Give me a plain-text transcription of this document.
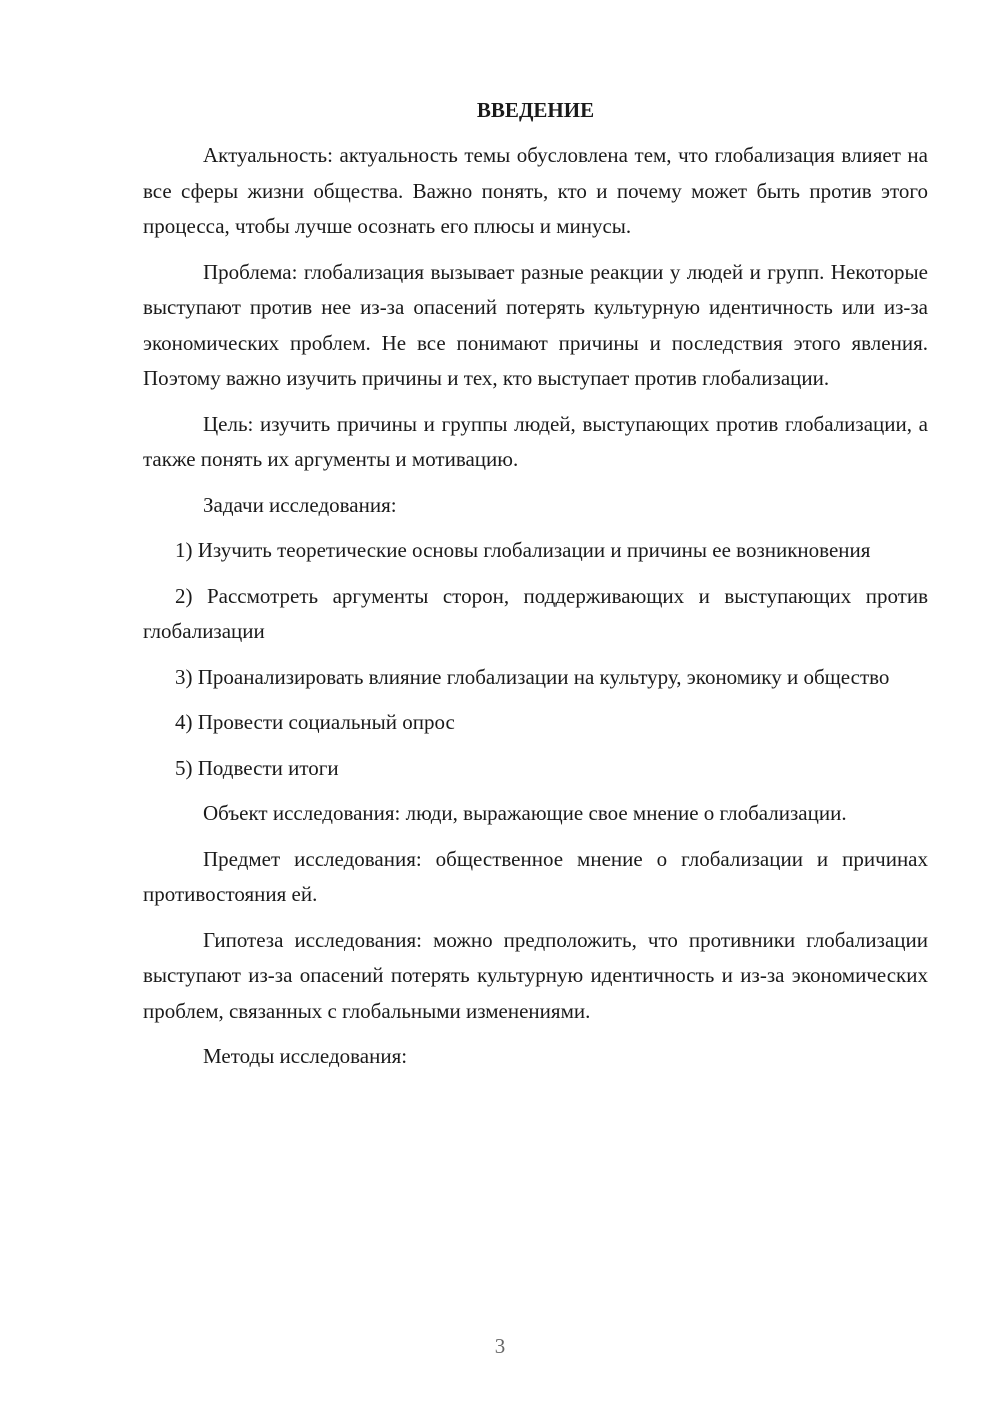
ВВЕДЕНИЕ

Актуальность: актуальность темы обусловлена тем, что глобализация влияет на все сферы жизни общества. Важно понять, кто и почему может быть против этого процесса, чтобы лучше осознать его плюсы и минусы.

Проблема: глобализация вызывает разные реакции у людей и групп. Некоторые выступают против нее из-за опасений потерять культурную идентичность или из-за экономических проблем. Не все понимают причины и последствия этого явления. Поэтому важно изучить причины и тех, кто выступает против глобализации.

Цель: изучить причины и группы людей, выступающих против глобализации, а также понять их аргументы и мотивацию.

Задачи исследования:

1) Изучить теоретические основы глобализации и причины ее возникновения

2) Рассмотреть аргументы сторон, поддерживающих и выступающих против глобализации

3) Проанализировать влияние глобализации на культуру, экономику и общество

4) Провести социальный опрос

5) Подвести итоги

Объект исследования: люди, выражающие свое мнение о глобализации.

Предмет исследования: общественное мнение о глобализации и причинах противостояния ей.

Гипотеза исследования: можно предположить, что противники глобализации выступают из-за опасений потерять культурную идентичность и из-за экономических проблем, связанных с глобальными изменениями.

Методы исследования:

3
